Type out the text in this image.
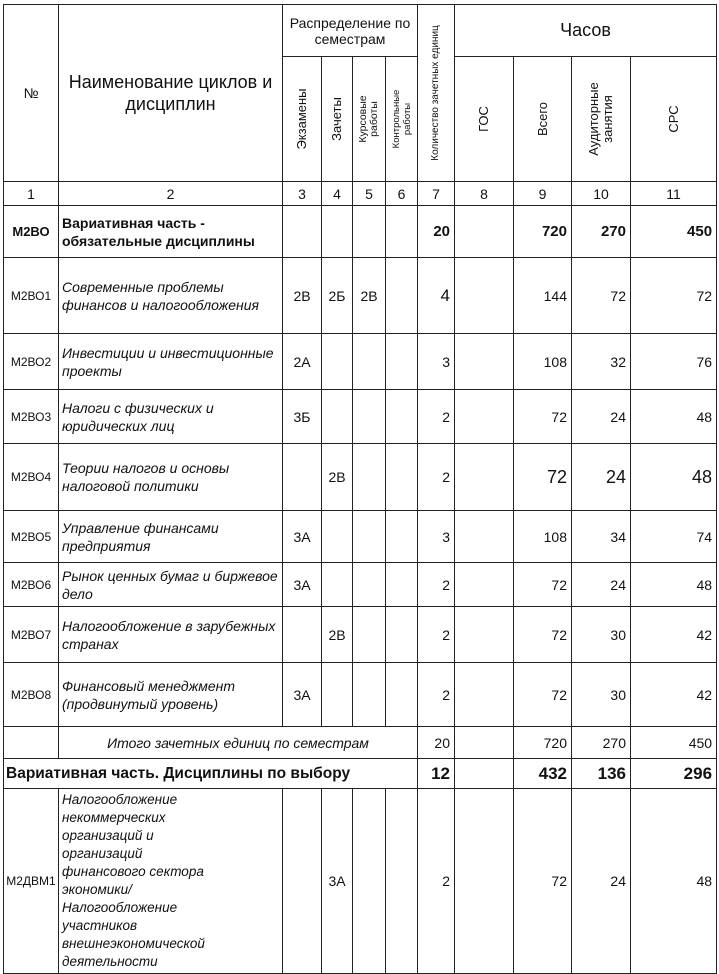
№	Наименование циклов и дисциплин	Распределение по семестрам				Количество зачетных единиц	Часов			

		Экзамены	Зачеты	Курсовые работы	Контрольные работы		ГОС	Всего	Аудиторные занятия	СРС

1	2	3	4	5	6	7	8	9	10	11
М2ВО	Вариативная часть - обязательные дисциплины					20		720	270	450
М2ВО1	Современные проблемы финансов и налогообложения	2В	2Б	2В		4		144	72	72
М2ВО2	Инвестиции и инвестиционные проекты	2А				3		108	32	76
М2ВО3	Налоги с физических и юридических лиц	3Б				2		72	24	48
М2ВО4	Теории налогов и основы налоговой политики		2В			2		72	24	48
М2ВО5	Управление финансами предприятия	3А				3		108	34	74
М2ВО6	Рынок ценных бумаг и биржевое дело	3А				2		72	24	48
М2ВО7	Налогообложение в зарубежных странах		2В			2		72	30	42
М2ВО8	Финансовый менеджмент (продвинутый уровень)	3А				2		72	30	42
	Итого зачетных единиц по семестрам					20		720	270	450
Вариативная часть. Дисциплины по выбору						12		432	136	296
М2ДВМ1	Налогообложение некоммерческих организаций и организаций финансового сектора экономики/Налогообложение участников внешнеэкономической деятельности		3А			2		72	24	48
